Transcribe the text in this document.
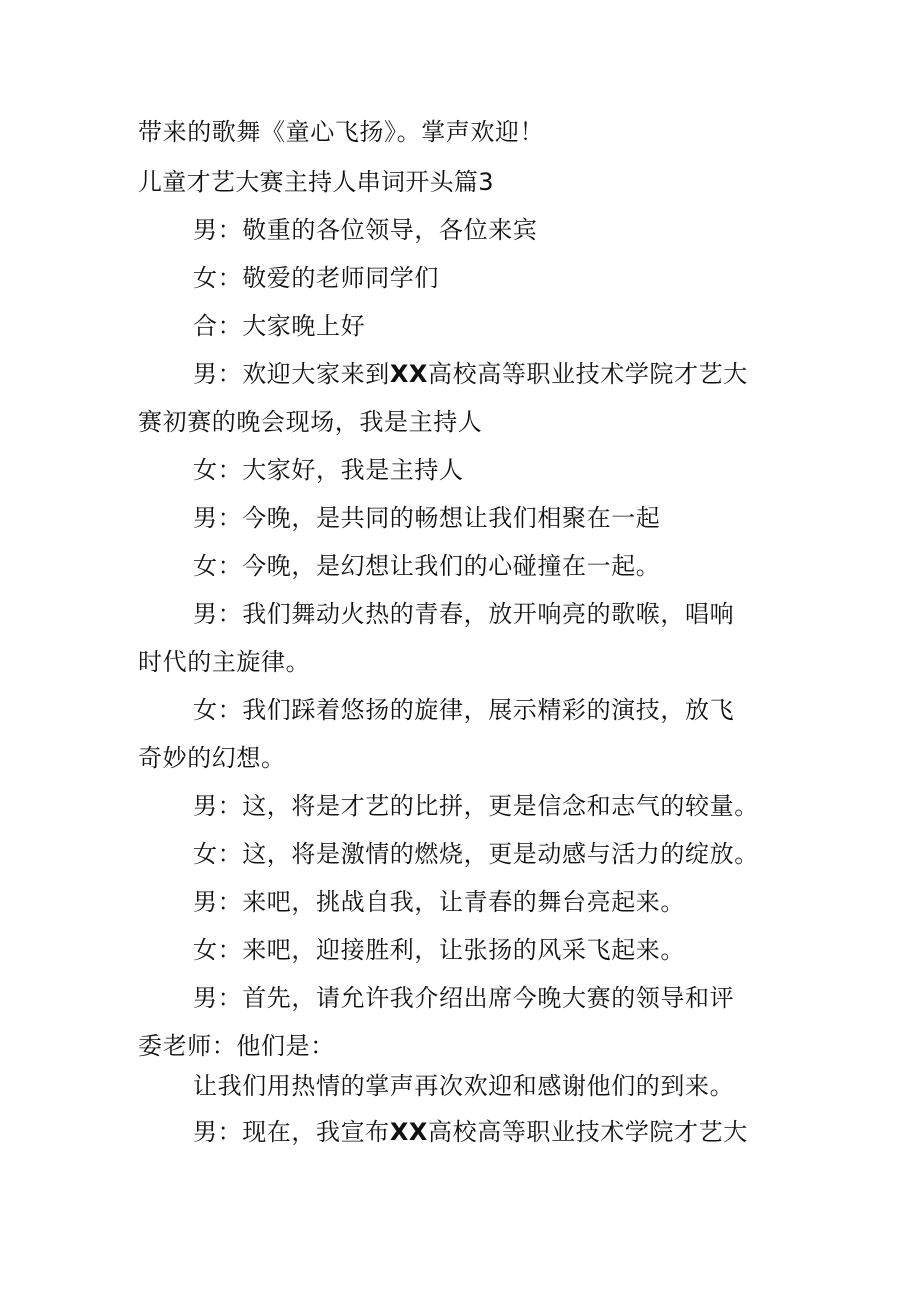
带来的歌舞《童心飞扬》。掌声欢迎！
儿童才艺大赛主持人串词开头篇3
男：敬重的各位领导，各位来宾
女：敬爱的老师同学们
合：大家晚上好
男：欢迎大家来到XX高校高等职业技术学院才艺大
赛初赛的晚会现场，我是主持人
女：大家好，我是主持人
男：今晚，是共同的畅想让我们相聚在一起
女：今晚，是幻想让我们的心碰撞在一起。
男：我们舞动火热的青春，放开响亮的歌喉，唱响
时代的主旋律。
女：我们踩着悠扬的旋律，展示精彩的演技，放飞
奇妙的幻想。
男：这，将是才艺的比拼，更是信念和志气的较量。
女：这，将是激情的燃烧，更是动感与活力的绽放。
男：来吧，挑战自我，让青春的舞台亮起来。
女：来吧，迎接胜利，让张扬的风采飞起来。
男：首先，请允许我介绍出席今晚大赛的领导和评
委老师：他们是：
让我们用热情的掌声再次欢迎和感谢他们的到来。
男：现在，我宣布XX高校高等职业技术学院才艺大
